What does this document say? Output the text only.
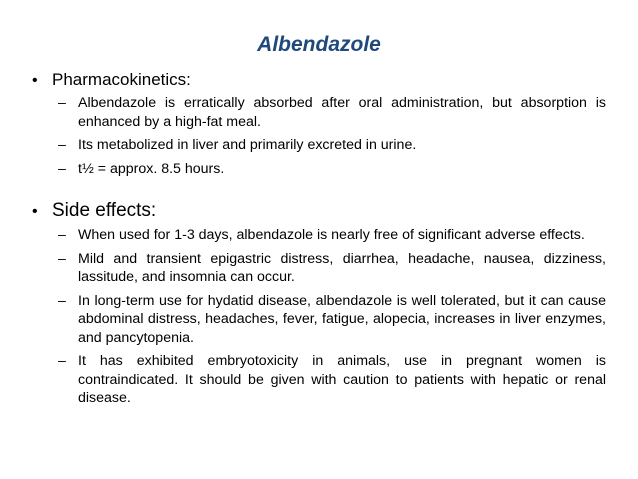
Albendazole
• Pharmacokinetics:
– Albendazole is erratically absorbed after oral administration, but absorption is enhanced by a high-fat meal.
– Its metabolized in liver and primarily excreted in urine.
– t½ = approx. 8.5 hours.
• Side effects:
– When used for 1-3 days, albendazole is nearly free of significant adverse effects.
– Mild and transient epigastric distress, diarrhea, headache, nausea, dizziness, lassitude, and insomnia can occur.
– In long-term use for hydatid disease, albendazole is well tolerated, but it can cause abdominal distress, headaches, fever, fatigue, alopecia, increases in liver enzymes, and pancytopenia.
– It has exhibited embryotoxicity in animals, use in pregnant women is contraindicated. It should be given with caution to patients with hepatic or renal disease.
